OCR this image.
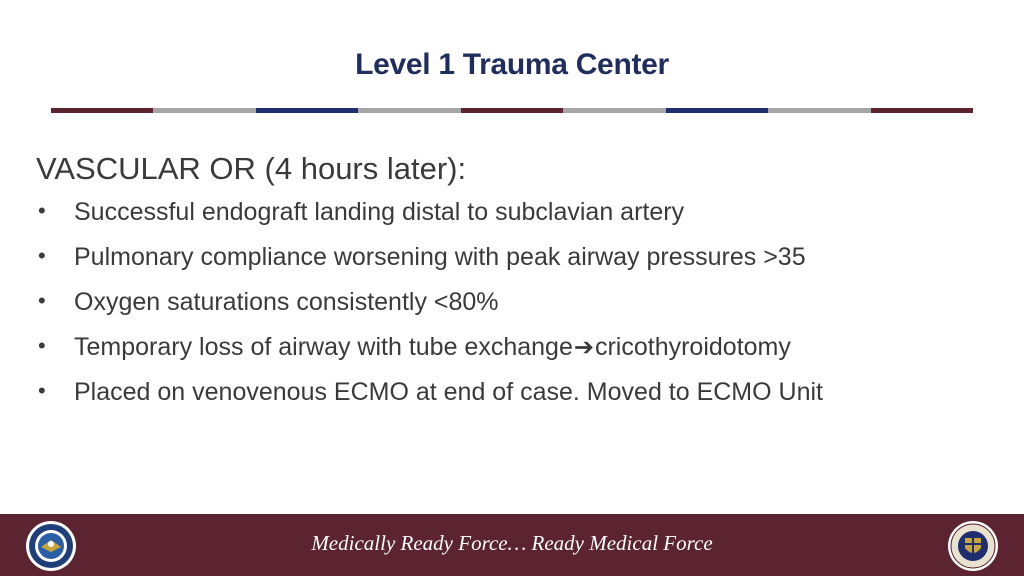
Level 1 Trauma Center
VASCULAR OR (4 hours later):
• Successful endograft landing distal to subclavian artery
• Pulmonary compliance worsening with peak airway pressures >35
• Oxygen saturations consistently <80%
• Temporary loss of airway with tube exchange➔cricothyroidotomy
• Placed on venovenous ECMO at end of case. Moved to ECMO Unit
Medically Ready Force… Ready Medical Force
